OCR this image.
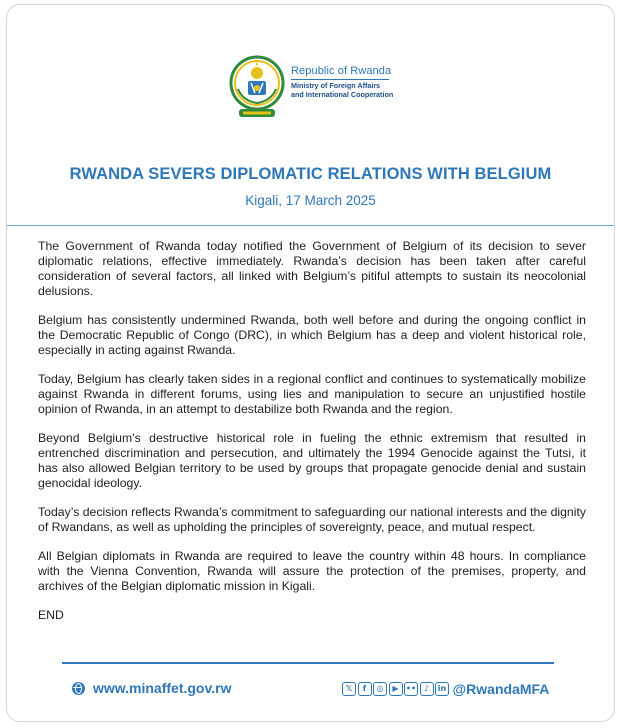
Republic of Rwanda
Ministry of Foreign Affairs
and International Cooperation
RWANDA SEVERS DIPLOMATIC RELATIONS WITH BELGIUM
Kigali, 17 March 2025

The Government of Rwanda today notified the Government of Belgium of its decision to sever diplomatic relations, effective immediately. Rwanda’s decision has been taken after careful consideration of several factors, all linked with Belgium’s pitiful attempts to sustain its neocolonial delusions.

Belgium has consistently undermined Rwanda, both well before and during the ongoing conflict in the Democratic Republic of Congo (DRC), in which Belgium has a deep and violent historical role, especially in acting against Rwanda.

Today, Belgium has clearly taken sides in a regional conflict and continues to systematically mobilize against Rwanda in different forums, using lies and manipulation to secure an unjustified hostile opinion of Rwanda, in an attempt to destabilize both Rwanda and the region.

Beyond Belgium’s destructive historical role in fueling the ethnic extremism that resulted in entrenched discrimination and persecution, and ultimately the 1994 Genocide against the Tutsi, it has also allowed Belgian territory to be used by groups that propagate genocide denial and sustain genocidal ideology.

Today’s decision reflects Rwanda’s commitment to safeguarding our national interests and the dignity of Rwandans, as well as upholding the principles of sovereignty, peace, and mutual respect.

All Belgian diplomats in Rwanda are required to leave the country within 48 hours. In compliance with the Vienna Convention, Rwanda will assure the protection of the premises, property, and archives of the Belgian diplomatic mission in Kigali.

END

www.minaffet.gov.rw	𝕏	f	◎	▶ •• ♪	in @RwandaMFA
